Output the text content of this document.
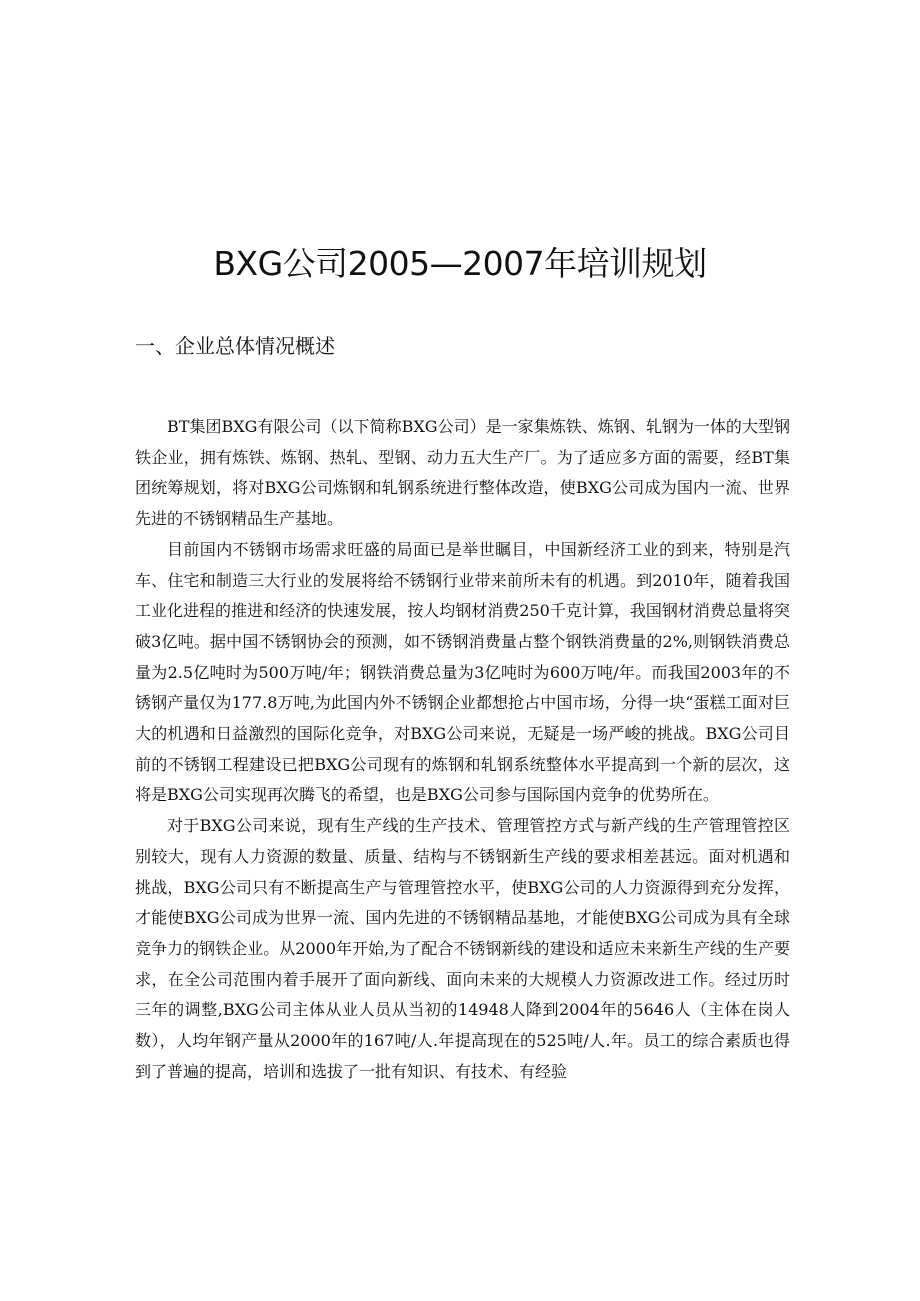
BXG公司2005—2007年培训规划
一、企业总体情况概述

BT集团BXG有限公司（以下简称BXG公司）是一家集炼铁、炼钢、轧钢为一体的大型钢铁企业，拥有炼铁、炼钢、热轧、型钢、动力五大生产厂。为了适应多方面的需要，经BT集团统筹规划，将对BXG公司炼钢和轧钢系统进行整体改造，使BXG公司成为国内一流、世界先进的不锈钢精品生产基地。

目前国内不锈钢市场需求旺盛的局面已是举世瞩目，中国新经济工业的到来，特别是汽车、住宅和制造三大行业的发展将给不锈钢行业带来前所未有的机遇。到2010年，随着我国工业化进程的推进和经济的快速发展，按人均钢材消费250千克计算，我国钢材消费总量将突破3亿吨。据中国不锈钢协会的预测，如不锈钢消费量占整个钢铁消费量的2%,则钢铁消费总量为2.5亿吨时为500万吨/年；钢铁消费总量为3亿吨时为600万吨/年。而我国2003年的不锈钢产量仅为177.8万吨,为此国内外不锈钢企业都想抢占中国市场，分得一块“蛋糕工面对巨大的机遇和日益激烈的国际化竞争，对BXG公司来说，无疑是一场严峻的挑战。BXG公司目前的不锈钢工程建设已把BXG公司现有的炼钢和轧钢系统整体水平提高到一个新的层次，这将是BXG公司实现再次腾飞的希望，也是BXG公司参与国际国内竞争的优势所在。

对于BXG公司来说，现有生产线的生产技术、管理管控方式与新产线的生产管理管控区别较大，现有人力资源的数量、质量、结构与不锈钢新生产线的要求相差甚远。面对机遇和挑战，BXG公司只有不断提高生产与管理管控水平，使BXG公司的人力资源得到充分发挥，才能使BXG公司成为世界一流、国内先进的不锈钢精品基地，才能使BXG公司成为具有全球竞争力的钢铁企业。从2000年开始,为了配合不锈钢新线的建设和适应未来新生产线的生产要求，在全公司范围内着手展开了面向新线、面向未来的大规模人力资源改进工作。经过历时三年的调整,BXG公司主体从业人员从当初的14948人降到2004年的5646人（主体在岗人数），人均年钢产量从2000年的167吨/人.年提高现在的525吨/人.年。员工的综合素质也得到了普遍的提高，培训和选拔了一批有知识、有技术、有经验
